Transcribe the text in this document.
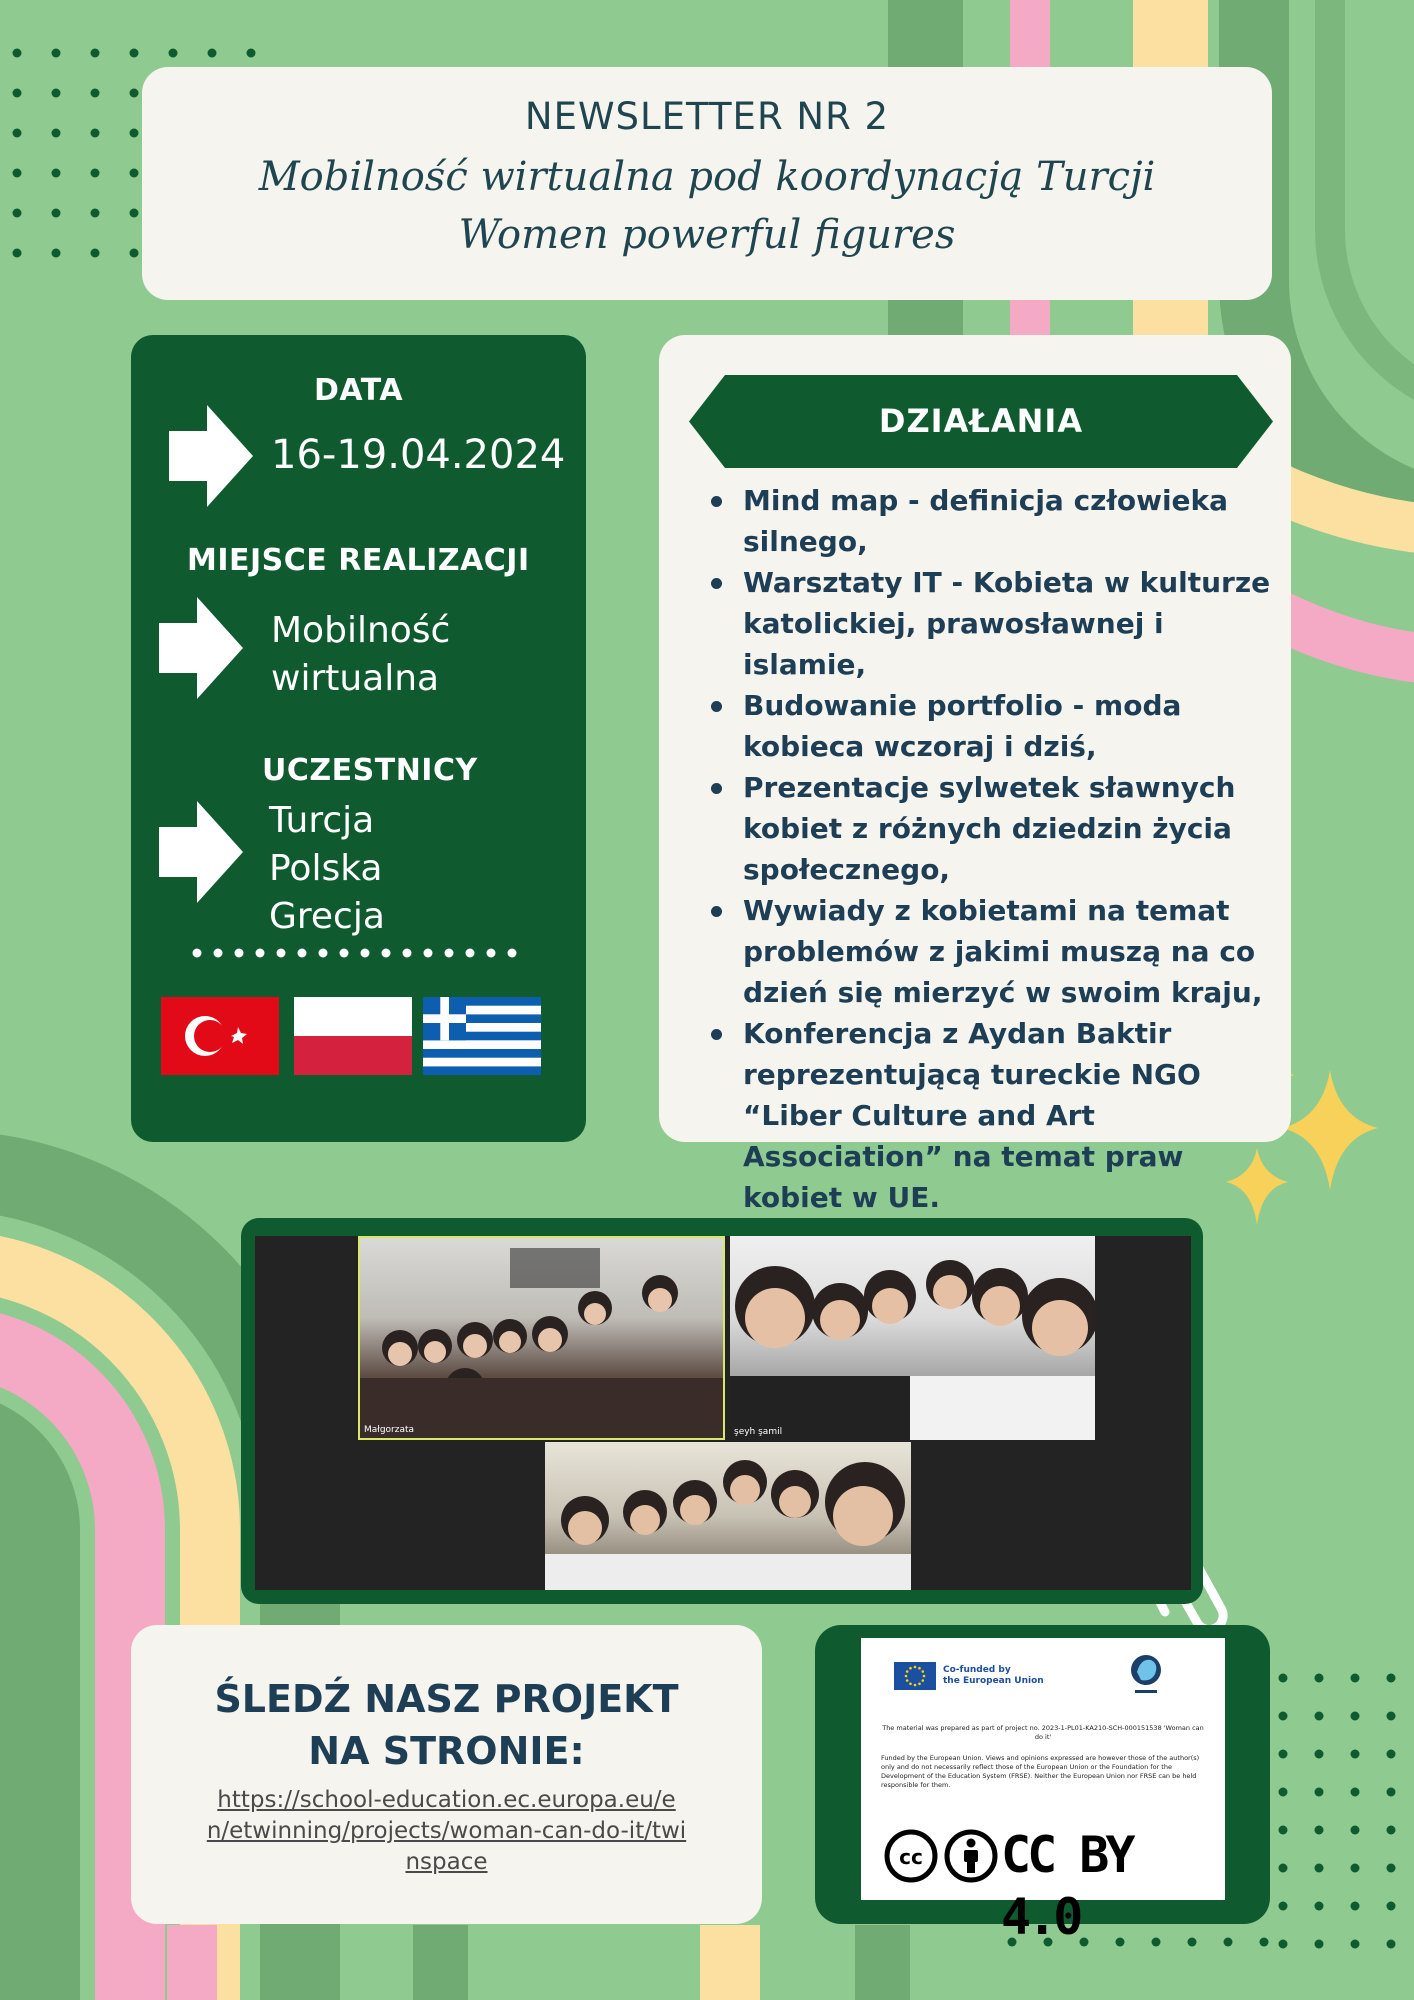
NEWSLETTER NR 2
Mobilność wirtualna pod koordynacją Turcji
Women powerful figures
DATA
16-19.04.2024
MIEJSCE REALIZACJI
Mobilność
wirtualna
UCZESTNICY
Turcja
Polska
Grecja
DZIAŁANIA
Mind map - definicja człowieka silnego,
Warsztaty IT - Kobieta w kulturze katolickiej, prawosławnej i islamie,
Budowanie portfolio - moda kobieca wczoraj i dziś,
Prezentacje sylwetek sławnych kobiet z różnych dziedzin życia społecznego,
Wywiady z kobietami na temat problemów z jakimi muszą na co dzień się mierzyć w swoim kraju,
Konferencja z Aydan Baktir reprezentującą tureckie NGO “Liber Culture and Art Association” na temat praw kobiet w UE.
Małgorzata	şeyh şamil
ŚLEDŹ NASZ PROJEKT
NA STRONIE:
https://school-education.ec.europa.eu/en/etwinning/projects/woman-can-do-it/twinspace
Co-funded by
the European Union
The material was prepared as part of project no. 2023-1-PL01-KA210-SCH-000151538 'Woman can do it'
Funded by the European Union. Views and opinions expressed are however those of the author(s) only and do not necessarily reflect those of the European Union or the Foundation for the Development of the Education System (FRSE). Neither the European Union nor FRSE can be held responsible for them.
cc CC BY 4.0
